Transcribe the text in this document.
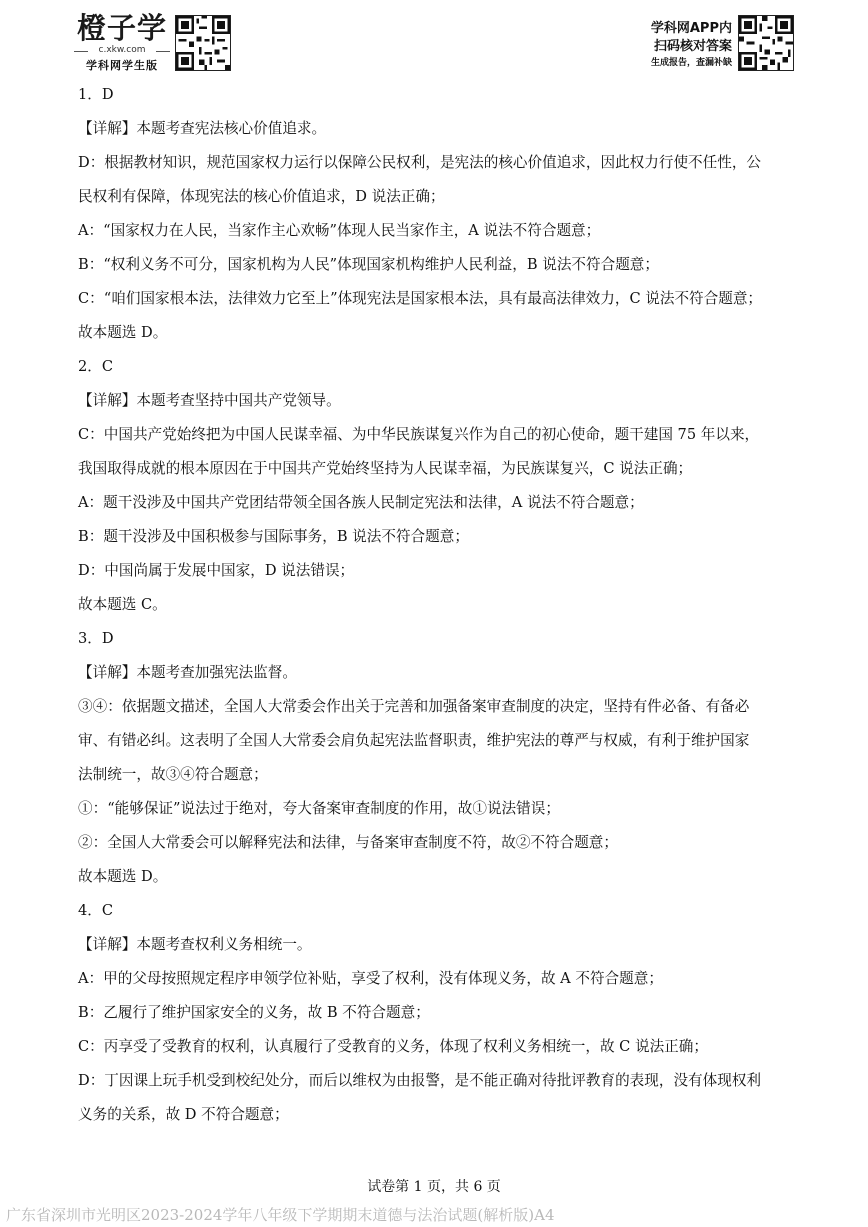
橙子学
c.xkw.com
学科网学生版
学科网APP内
扫码核对答案
生成报告，查漏补缺
1．D
【详解】本题考查宪法核心价值追求。
D：根据教材知识，规范国家权力运行以保障公民权利，是宪法的核心价值追求，因此权力行使不任性，公
民权利有保障，体现宪法的核心价值追求，D 说法正确；
A：“国家权力在人民，当家作主心欢畅”体现人民当家作主，A 说法不符合题意；
B：“权利义务不可分，国家机构为人民”体现国家机构维护人民利益，B 说法不符合题意；
C：“咱们国家根本法，法律效力它至上”体现宪法是国家根本法，具有最高法律效力，C 说法不符合题意；
故本题选 D。
2．C
【详解】本题考查坚持中国共产党领导。
C：中国共产党始终把为中国人民谋幸福、为中华民族谋复兴作为自己的初心使命，题干建国 75 年以来，
我国取得成就的根本原因在于中国共产党始终坚持为人民谋幸福，为民族谋复兴，C 说法正确；
A：题干没涉及中国共产党团结带领全国各族人民制定宪法和法律，A 说法不符合题意；
B：题干没涉及中国积极参与国际事务，B 说法不符合题意；
D：中国尚属于发展中国家，D 说法错误；
故本题选 C。
3．D
【详解】本题考查加强宪法监督。
③④：依据题文描述，全国人大常委会作出关于完善和加强备案审查制度的决定，坚持有件必备、有备必
审、有错必纠。这表明了全国人大常委会肩负起宪法监督职责，维护宪法的尊严与权威，有利于维护国家
法制统一，故③④符合题意；
①：“能够保证”说法过于绝对，夸大备案审查制度的作用，故①说法错误；
②：全国人大常委会可以解释宪法和法律，与备案审查制度不符，故②不符合题意；
故本题选 D。
4．C
【详解】本题考查权利义务相统一。
A：甲的父母按照规定程序申领学位补贴，享受了权利，没有体现义务，故 A 不符合题意；
B：乙履行了维护国家安全的义务，故 B 不符合题意；
C：丙享受了受教育的权利，认真履行了受教育的义务，体现了权利义务相统一，故 C 说法正确；
D：丁因课上玩手机受到校纪处分，而后以维权为由报警，是不能正确对待批评教育的表现，没有体现权利
义务的关系，故 D 不符合题意；
试卷第 1 页，共 6 页
广东省深圳市光明区2023-2024学年八年级下学期期末道德与法治试题(解析版)A4
